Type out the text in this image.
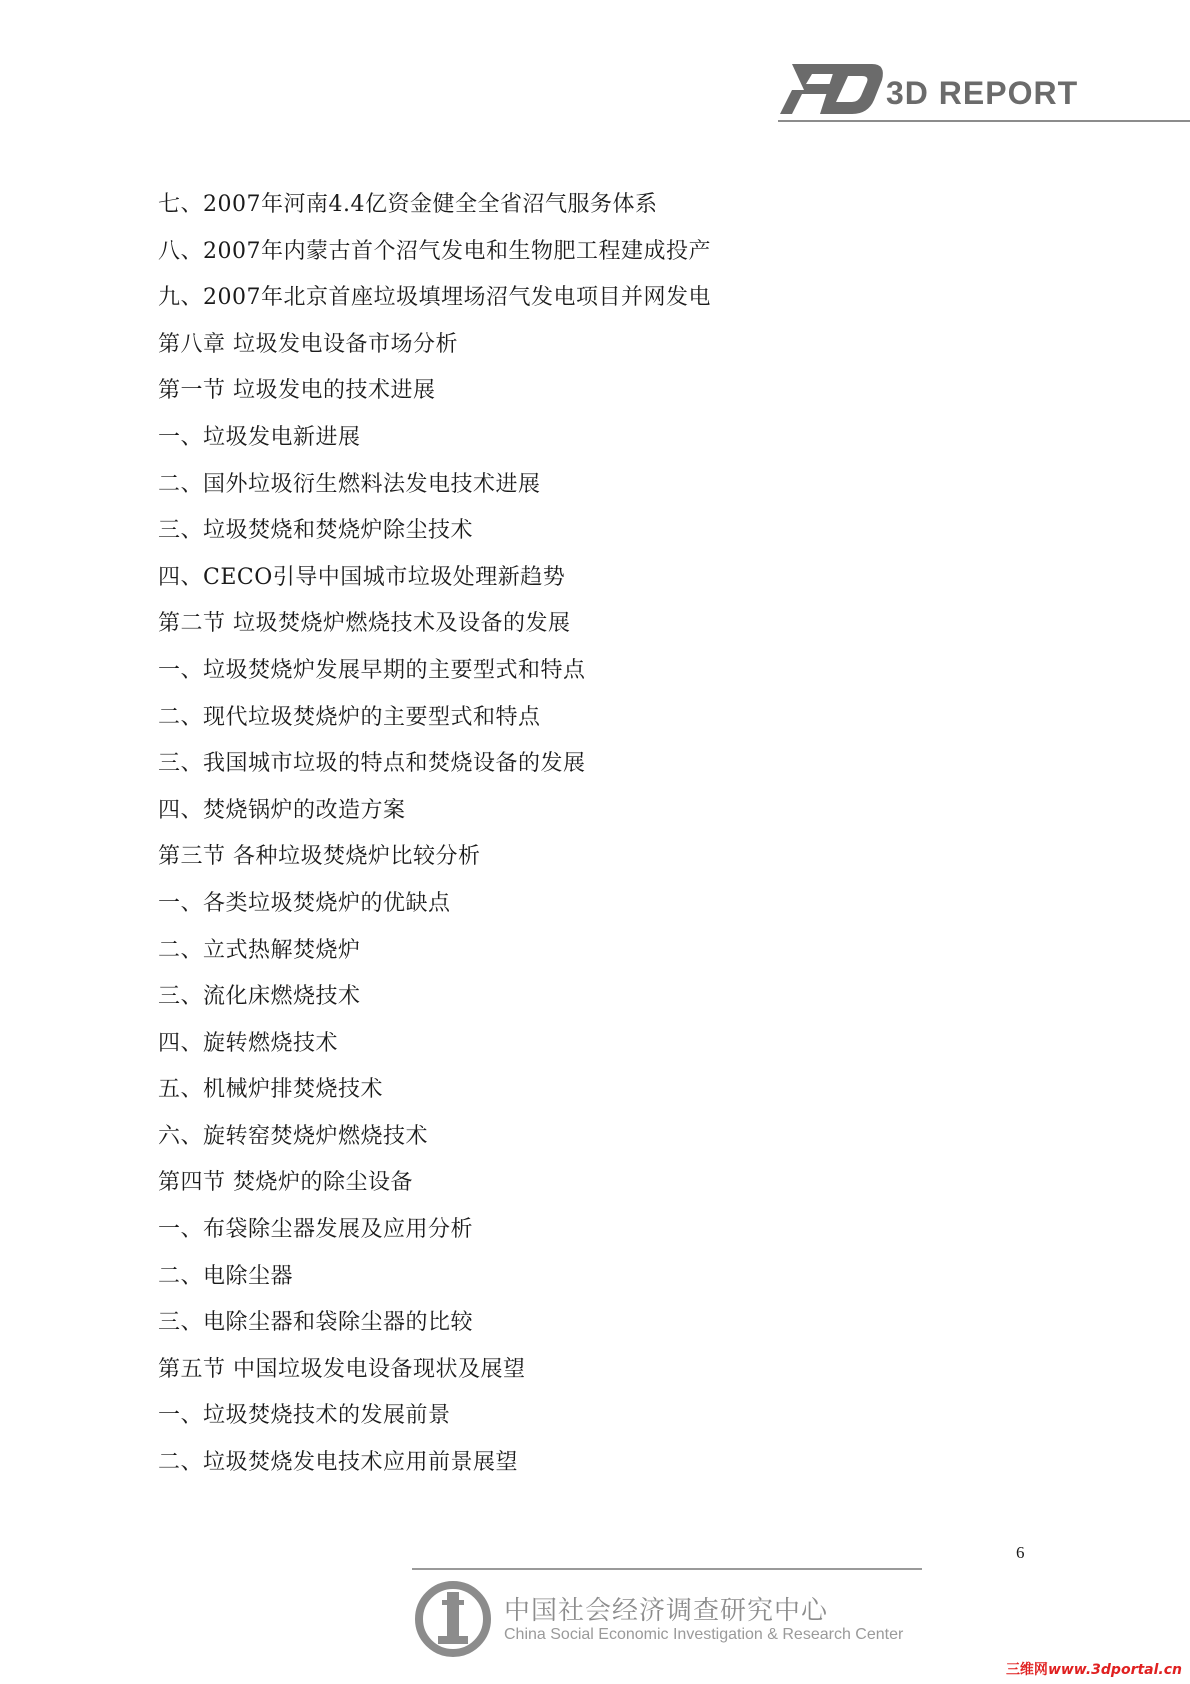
3D REPORT
七、2007年河南4.4亿资金健全全省沼气服务体系
八、2007年内蒙古首个沼气发电和生物肥工程建成投产
九、2007年北京首座垃圾填埋场沼气发电项目并网发电
第八章 垃圾发电设备市场分析
第一节 垃圾发电的技术进展
一、垃圾发电新进展
二、国外垃圾衍生燃料法发电技术进展
三、垃圾焚烧和焚烧炉除尘技术
四、CECO引导中国城市垃圾处理新趋势
第二节 垃圾焚烧炉燃烧技术及设备的发展
一、垃圾焚烧炉发展早期的主要型式和特点
二、现代垃圾焚烧炉的主要型式和特点
三、我国城市垃圾的特点和焚烧设备的发展
四、焚烧锅炉的改造方案
第三节 各种垃圾焚烧炉比较分析
一、各类垃圾焚烧炉的优缺点
二、立式热解焚烧炉
三、流化床燃烧技术
四、旋转燃烧技术
五、机械炉排焚烧技术
六、旋转窑焚烧炉燃烧技术
第四节 焚烧炉的除尘设备
一、布袋除尘器发展及应用分析
二、电除尘器
三、电除尘器和袋除尘器的比较
第五节 中国垃圾发电设备现状及展望
一、垃圾焚烧技术的发展前景
二、垃圾焚烧发电技术应用前景展望
6
中国社会经济调查研究中心
China Social Economic Investigation & Research Center
三维网www.3dportal.cn
